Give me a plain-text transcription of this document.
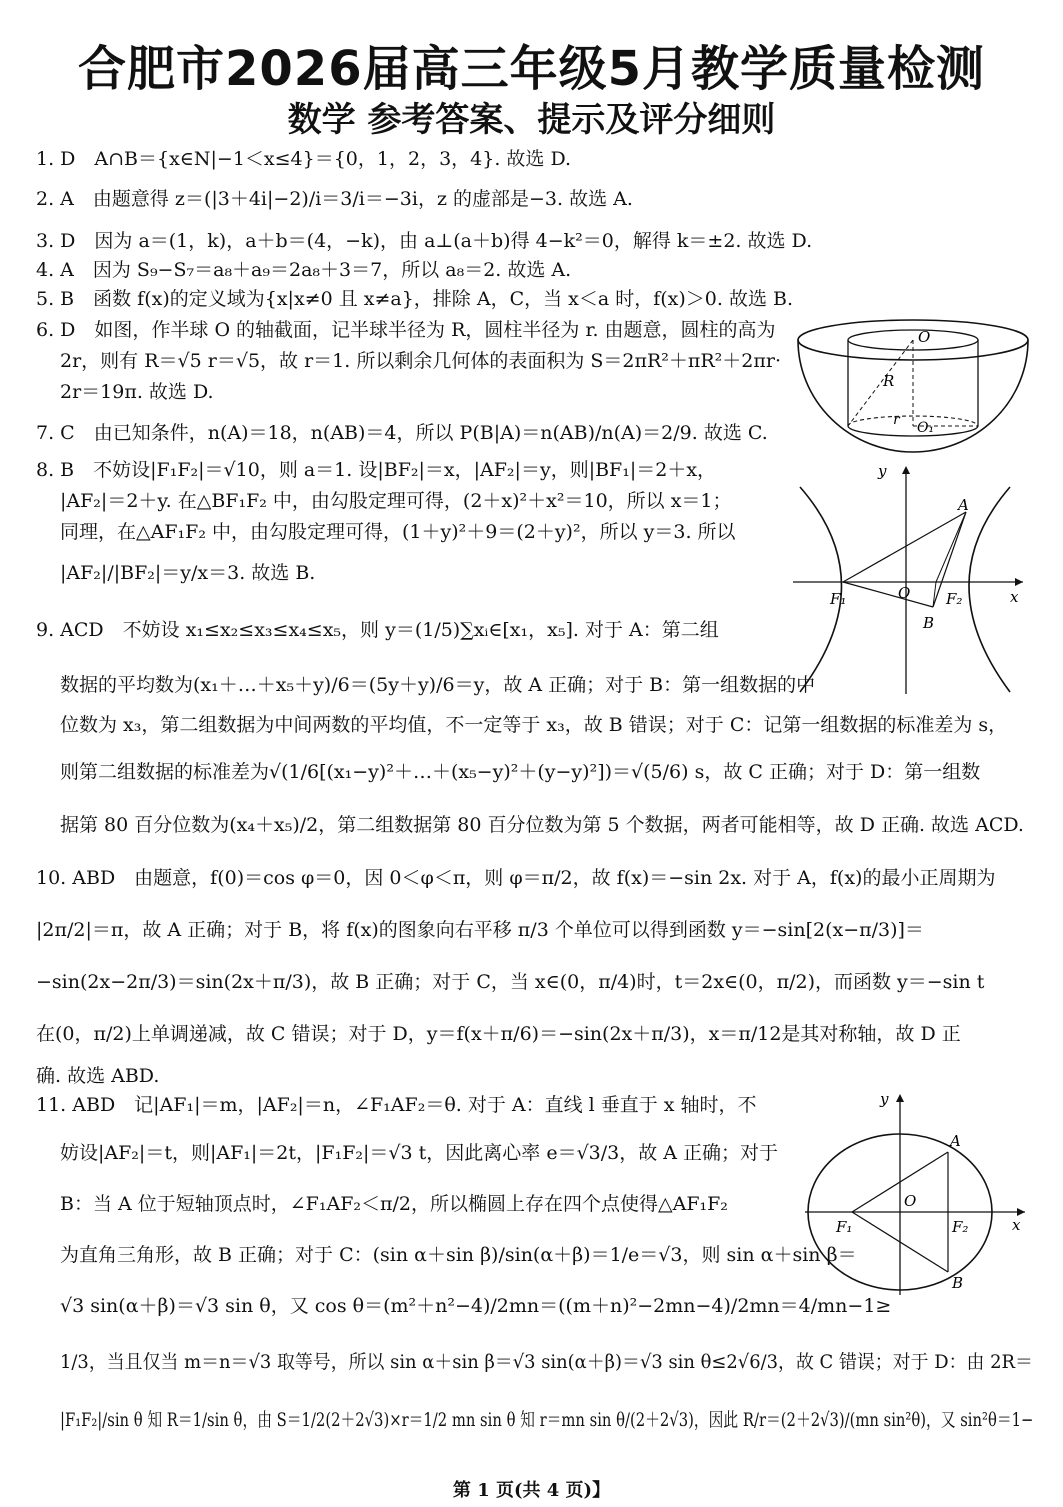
合肥市2026届高三年级5月教学质量检测
数学 参考答案、提示及评分细则
1. D　A∩B＝{x∈N|−1＜x≤4}＝{0，1，2，3，4}. 故选 D.
2. A　由题意得 z＝(|3＋4i|−2)/i＝3/i＝−3i，z 的虚部是−3. 故选 A.
3. D　因为 a＝(1，k)，a＋b＝(4，−k)，由 a⊥(a＋b)得 4−k²＝0，解得 k＝±2. 故选 D.
4. A　因为 S₉−S₇＝a₈＋a₉＝2a₈＋3＝7，所以 a₈＝2. 故选 A.
5. B　函数 f(x)的定义域为{x|x≠0 且 x≠a}，排除 A，C，当 x＜a 时，f(x)＞0. 故选 B.
6. D　如图，作半球 O 的轴截面，记半球半径为 R，圆柱半径为 r. 由题意，圆柱的高为
2r，则有 R＝√5 r＝√5，故 r＝1. 所以剩余几何体的表面积为 S＝2πR²＋πR²＋2πr·
2r＝19π. 故选 D.
7. C　由已知条件，n(A)＝18，n(AB)＝4，所以 P(B|A)＝n(AB)/n(A)＝2/9. 故选 C.
8. B　不妨设|F₁F₂|＝√10，则 a＝1. 设|BF₂|＝x，|AF₂|＝y，则|BF₁|＝2＋x，
|AF₂|＝2＋y. 在△BF₁F₂ 中，由勾股定理可得，(2＋x)²＋x²＝10，所以 x＝1；
同理，在△AF₁F₂ 中，由勾股定理可得，(1＋y)²＋9＝(2＋y)²，所以 y＝3. 所以
|AF₂|/|BF₂|＝y/x＝3. 故选 B.
9. ACD　不妨设 x₁≤x₂≤x₃≤x₄≤x₅，则 y＝(1/5)∑xᵢ∈[x₁，x₅]. 对于 A：第二组
数据的平均数为(x₁＋…＋x₅＋y)/6＝(5y＋y)/6＝y，故 A 正确；对于 B：第一组数据的中
位数为 x₃，第二组数据为中间两数的平均值，不一定等于 x₃，故 B 错误；对于 C：记第一组数据的标准差为 s，
则第二组数据的标准差为√(1/6[(x₁−y)²＋…＋(x₅−y)²＋(y−y)²])＝√(5/6) s，故 C 正确；对于 D：第一组数
据第 80 百分位数为(x₄＋x₅)/2，第二组数据第 80 百分位数为第 5 个数据，两者可能相等，故 D 正确. 故选 ACD.
10. ABD　由题意，f(0)＝cos φ＝0，因 0＜φ＜π，则 φ＝π/2，故 f(x)＝−sin 2x. 对于 A，f(x)的最小正周期为
|2π/2|＝π，故 A 正确；对于 B，将 f(x)的图象向右平移 π/3 个单位可以得到函数 y＝−sin[2(x−π/3)]＝
−sin(2x−2π/3)＝sin(2x＋π/3)，故 B 正确；对于 C，当 x∈(0，π/4)时，t＝2x∈(0，π/2)，而函数 y＝−sin t
在(0，π/2)上单调递减，故 C 错误；对于 D，y＝f(x＋π/6)＝−sin(2x＋π/3)，x＝π/12是其对称轴，故 D 正
确. 故选 ABD.
11. ABD　记|AF₁|＝m，|AF₂|＝n，∠F₁AF₂＝θ. 对于 A：直线 l 垂直于 x 轴时，不
妨设|AF₂|＝t，则|AF₁|＝2t，|F₁F₂|＝√3 t，因此离心率 e＝√3/3，故 A 正确；对于
B：当 A 位于短轴顶点时，∠F₁AF₂＜π/2，所以椭圆上存在四个点使得△AF₁F₂
为直角三角形，故 B 正确；对于 C：(sin α＋sin β)/sin(α＋β)＝1/e＝√3，则 sin α＋sin β＝
√3 sin(α＋β)＝√3 sin θ，又 cos θ＝(m²＋n²−4)/2mn＝((m＋n)²−2mn−4)/2mn＝4/mn−1≥
1/3，当且仅当 m＝n＝√3 取等号，所以 sin α＋sin β＝√3 sin(α＋β)＝√3 sin θ≤2√6/3，故 C 错误；对于 D：由 2R＝
|F₁F₂|/sin θ 知 R＝1/sin θ，由 S＝1/2(2＋2√3)×r＝1/2 mn sin θ 知 r＝mn sin θ/(2＋2√3)，因此 R/r＝(2＋2√3)/(mn sin²θ)，又 sin²θ＝1−
O
R
r O₁
y
x
A
B
O
F₁	F₂
y
x
A
B
O
F₁	F₂
第 1 页(共 4 页)】
